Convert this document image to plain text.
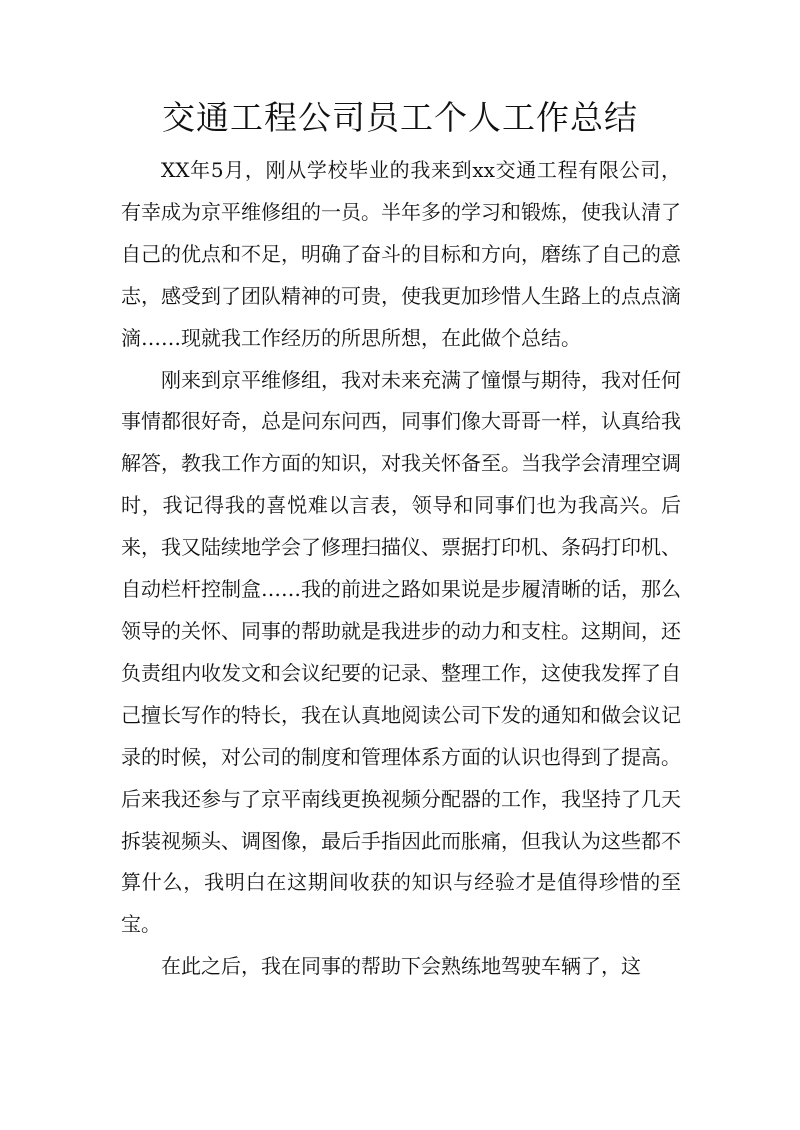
交通工程公司员工个人工作总结

XX年5月，刚从学校毕业的我来到xx交通工程有限公司，有幸成为京平维修组的一员。半年多的学习和锻炼，使我认清了自己的优点和不足，明确了奋斗的目标和方向，磨练了自己的意志，感受到了团队精神的可贵，使我更加珍惜人生路上的点点滴滴……现就我工作经历的所思所想，在此做个总结。

刚来到京平维修组，我对未来充满了憧憬与期待，我对任何事情都很好奇，总是问东问西，同事们像大哥哥一样，认真给我解答，教我工作方面的知识，对我关怀备至。当我学会清理空调时，我记得我的喜悦难以言表，领导和同事们也为我高兴。后来，我又陆续地学会了修理扫描仪、票据打印机、条码打印机、自动栏杆控制盒……我的前进之路如果说是步履清晰的话，那么领导的关怀、同事的帮助就是我进步的动力和支柱。这期间，还负责组内收发文和会议纪要的记录、整理工作，这使我发挥了自己擅长写作的特长，我在认真地阅读公司下发的通知和做会议记录的时候，对公司的制度和管理体系方面的认识也得到了提高。后来我还参与了京平南线更换视频分配器的工作，我坚持了几天拆装视频头、调图像，最后手指因此而胀痛，但我认为这些都不算什么，我明白在这期间收获的知识与经验才是值得珍惜的至宝。

在此之后，我在同事的帮助下会熟练地驾驶车辆了，这
